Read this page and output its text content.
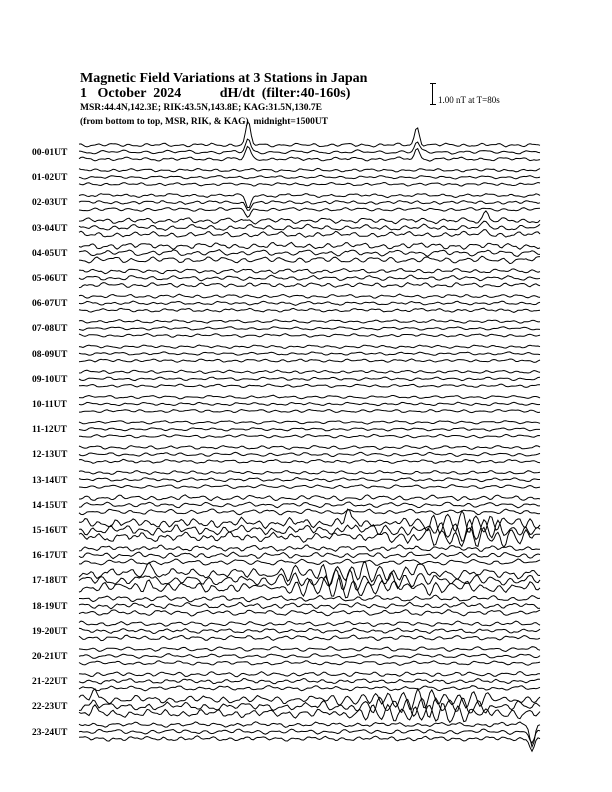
Magnetic Field Variations at 3 Stations in Japan
1   October  2024           dH/dt  (filter:40-160s)
MSR:44.4N,142.3E; RIK:43.5N,143.8E; KAG:31.5N,130.7E
(from bottom to top, MSR, RIK, & KAG)  midnight=1500UT
1.00 nT at T=80s
00-01UT
01-02UT
02-03UT
03-04UT
04-05UT
05-06UT
06-07UT
07-08UT
08-09UT
09-10UT
10-11UT
11-12UT
12-13UT
13-14UT
14-15UT
15-16UT
16-17UT
17-18UT
18-19UT
19-20UT
20-21UT
21-22UT
22-23UT
23-24UT
